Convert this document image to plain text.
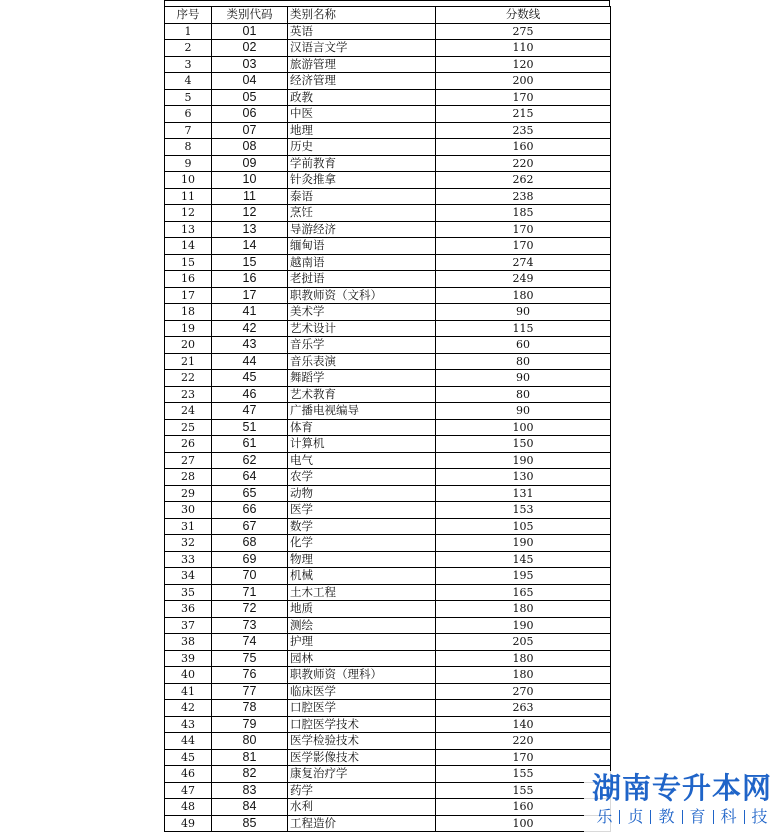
序号	类别代码	类别名称	分数线
1	01	英语	275
2	02	汉语言文学	110
3	03	旅游管理	120
4	04	经济管理	200
5	05	政教	170
6	06	中医	215
7	07	地理	235
8	08	历史	160
9	09	学前教育	220
10	10	针灸推拿	262
11	11	泰语	238
12	12	烹饪	185
13	13	导游经济	170
14	14	缅甸语	170
15	15	越南语	274
16	16	老挝语	249
17	17	职教师资（文科）	180
18	41	美术学	90
19	42	艺术设计	115
20	43	音乐学	60
21	44	音乐表演	80
22	45	舞蹈学	90
23	46	艺术教育	80
24	47	广播电视编导	90
25	51	体育	100
26	61	计算机	150
27	62	电气	190
28	64	农学	130
29	65	动物	131
30	66	医学	153
31	67	数学	105
32	68	化学	190
33	69	物理	145
34	70	机械	195
35	71	土木工程	165
36	72	地质	180
37	73	测绘	190
38	74	护理	205
39	75	园林	180
40	76	职教师资（理科）	180
41	77	临床医学	270
42	78	口腔医学	263
43	79	口腔医学技术	140
44	80	医学检验技术	220
45	81	医学影像技术	170
46	82	康复治疗学	155
47	83	药学	155
48	84	水利	160
49	85	工程造价	100
湖南专升本网
乐 贞 教 育 科 技
